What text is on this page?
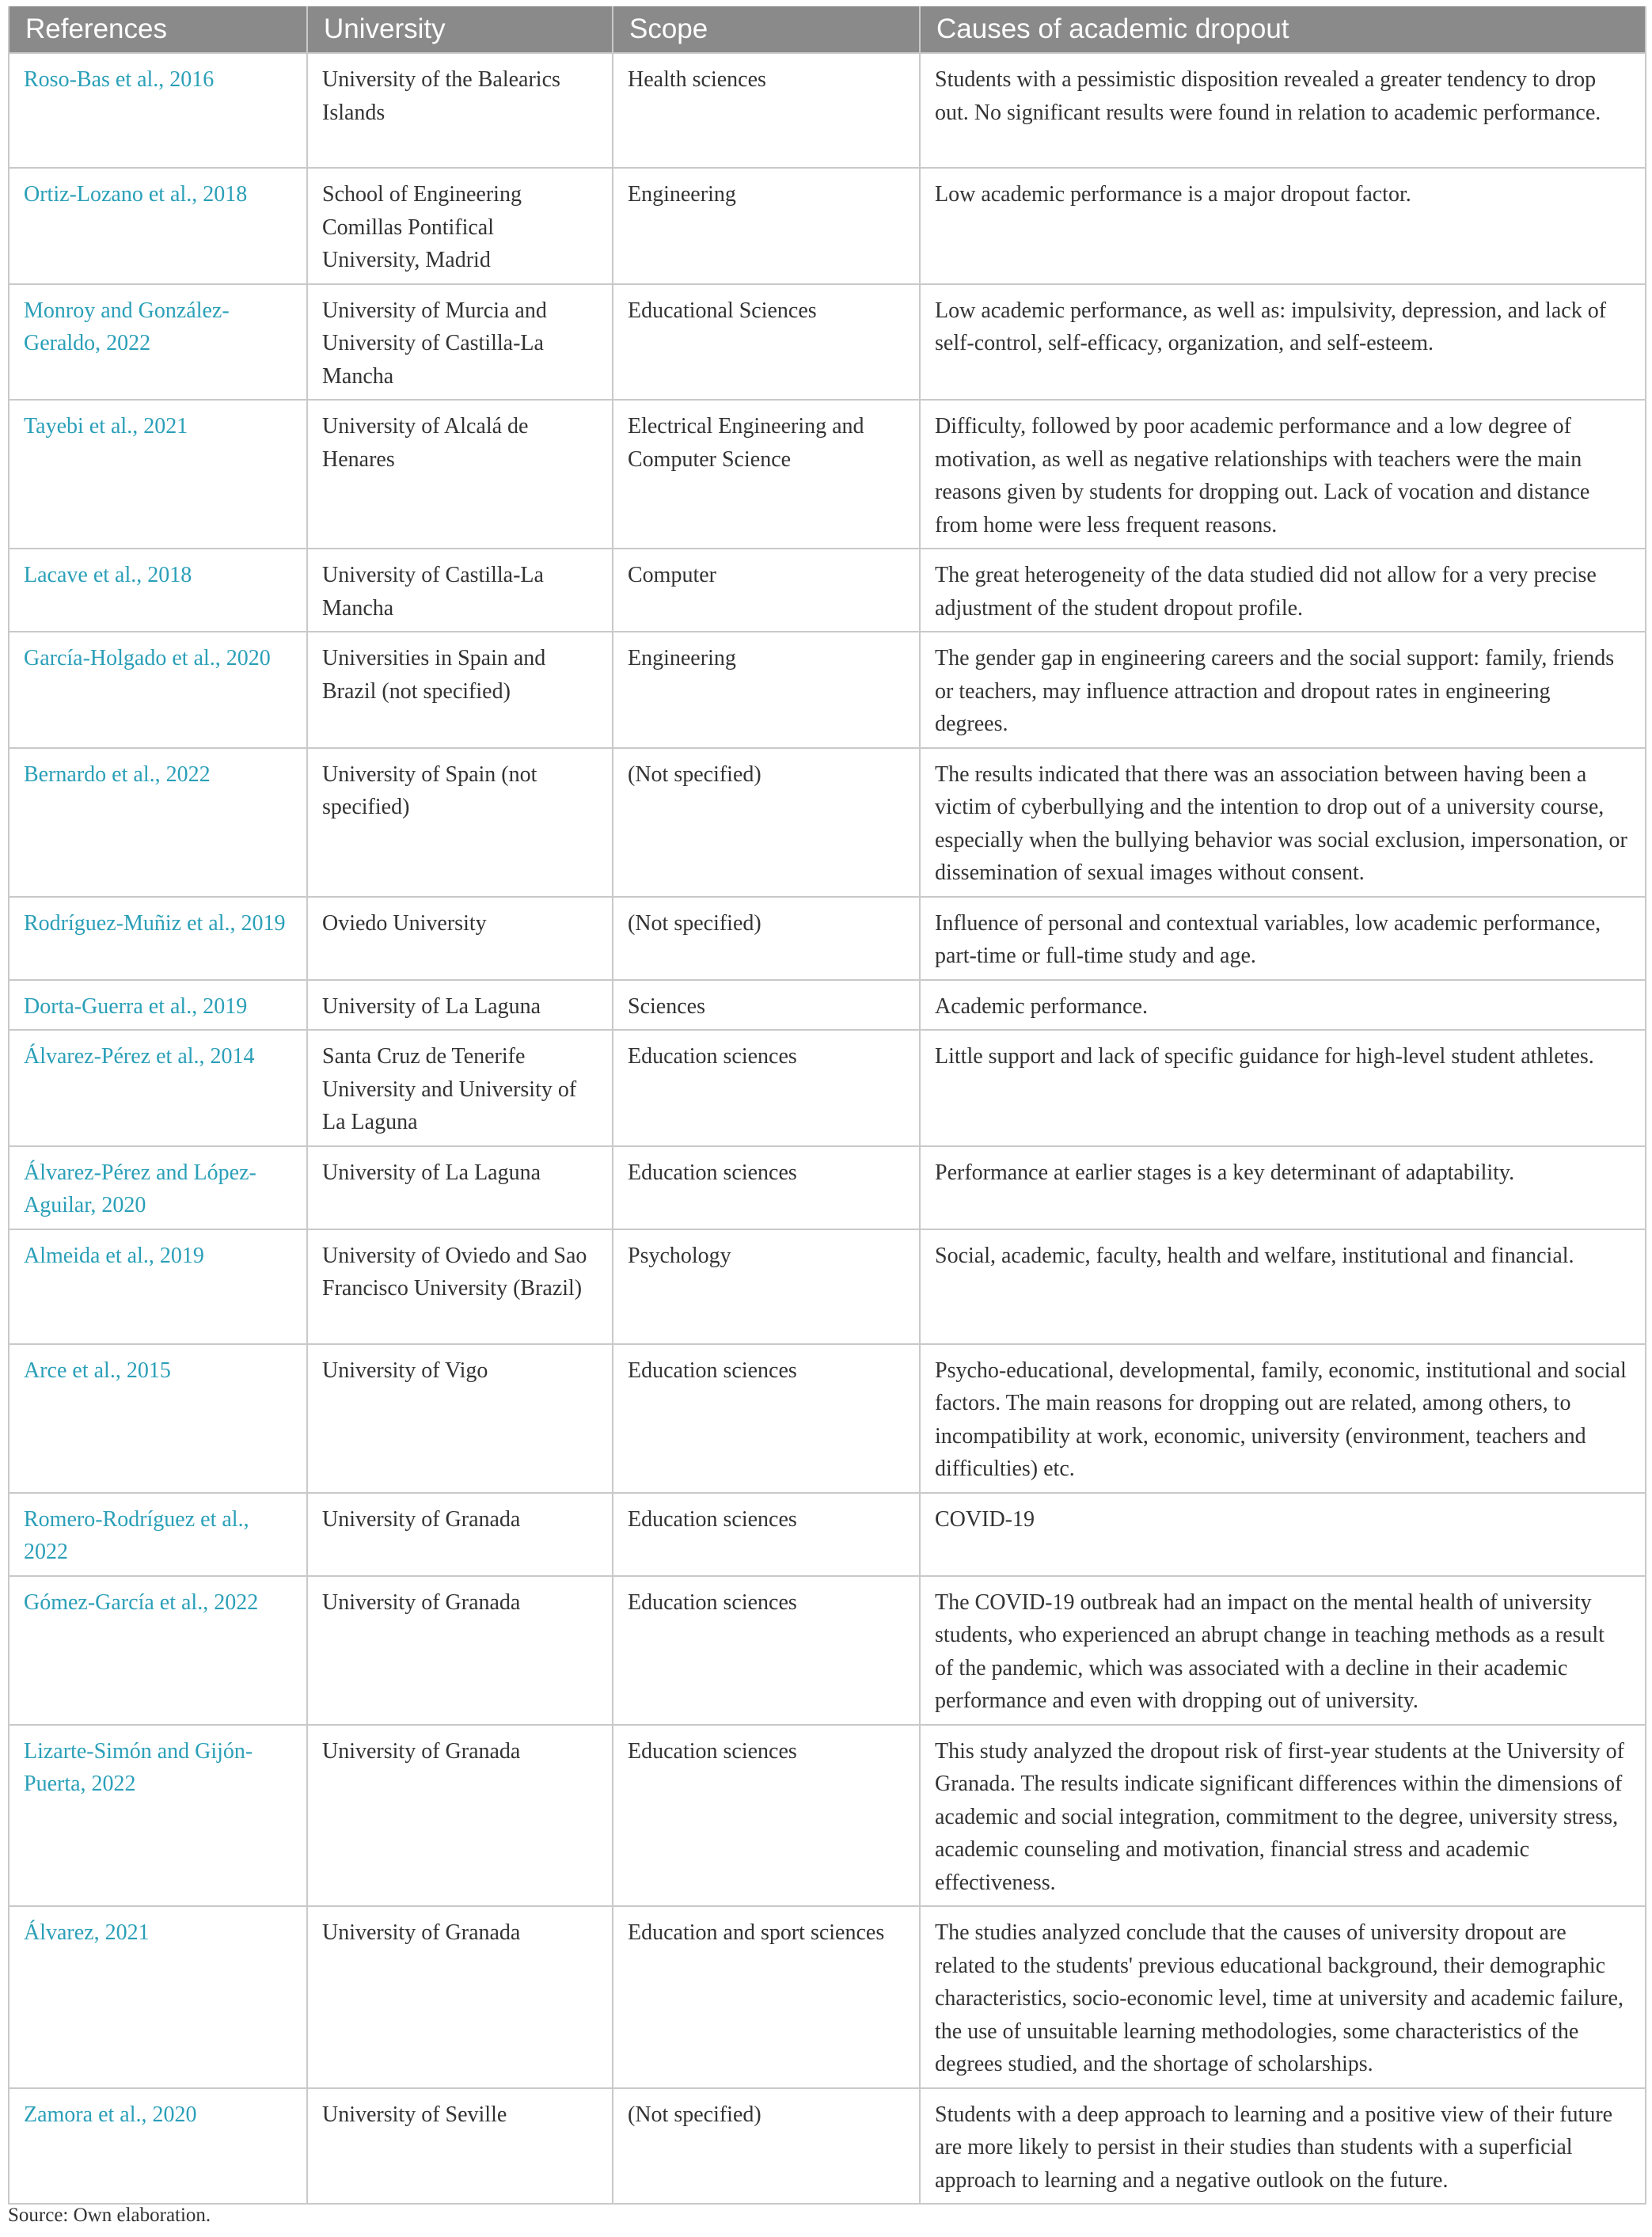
References	University	Scope	Causes of academic dropout
Roso-Bas et al., 2016	University of the Balearics Islands	Health sciences	Students with a pessimistic disposition revealed a greater tendency to drop out. No significant results were found in relation to academic performance.
Ortiz-Lozano et al., 2018	School of Engineering Comillas Pontifical University, Madrid	Engineering	Low academic performance is a major dropout factor.
Monroy and González-Geraldo, 2022	University of Murcia and University of Castilla-La Mancha	Educational Sciences	Low academic performance, as well as: impulsivity, depression, and lack of self-control, self-efficacy, organization, and self-esteem.
Tayebi et al., 2021	University of Alcalá de Henares	Electrical Engineering and Computer Science	Difficulty, followed by poor academic performance and a low degree of motivation, as well as negative relationships with teachers were the main reasons given by students for dropping out. Lack of vocation and distance from home were less frequent reasons.
Lacave et al., 2018	University of Castilla-La Mancha	Computer	The great heterogeneity of the data studied did not allow for a very precise adjustment of the student dropout profile.
García-Holgado et al., 2020	Universities in Spain and Brazil (not specified)	Engineering	The gender gap in engineering careers and the social support: family, friends or teachers, may influence attraction and dropout rates in engineering degrees.
Bernardo et al., 2022	University of Spain (not specified)	(Not specified)	The results indicated that there was an association between having been a victim of cyberbullying and the intention to drop out of a university course, especially when the bullying behavior was social exclusion, impersonation, or dissemination of sexual images without consent.
Rodríguez-Muñiz et al., 2019	Oviedo University	(Not specified)	Influence of personal and contextual variables, low academic performance, part-time or full-time study and age.
Dorta-Guerra et al., 2019	University of La Laguna	Sciences	Academic performance.
Álvarez-Pérez et al., 2014	Santa Cruz de Tenerife University and University of La Laguna	Education sciences	Little support and lack of specific guidance for high-level student athletes.
Álvarez-Pérez and López-Aguilar, 2020	University of La Laguna	Education sciences	Performance at earlier stages is a key determinant of adaptability.
Almeida et al., 2019	University of Oviedo and Sao Francisco University (Brazil)	Psychology	Social, academic, faculty, health and welfare, institutional and financial.
Arce et al., 2015	University of Vigo	Education sciences	Psycho-educational, developmental, family, economic, institutional and social factors. The main reasons for dropping out are related, among others, to incompatibility at work, economic, university (environment, teachers and difficulties) etc.
Romero-Rodríguez et al., 2022	University of Granada	Education sciences	COVID-19
Gómez-García et al., 2022	University of Granada	Education sciences	The COVID-19 outbreak had an impact on the mental health of university students, who experienced an abrupt change in teaching methods as a result of the pandemic, which was associated with a decline in their academic performance and even with dropping out of university.
Lizarte-Simón and Gijón-Puerta, 2022	University of Granada	Education sciences	This study analyzed the dropout risk of first-year students at the University of Granada. The results indicate significant differences within the dimensions of academic and social integration, commitment to the degree, university stress, academic counseling and motivation, financial stress and academic effectiveness.
Álvarez, 2021	University of Granada	Education and sport sciences	The studies analyzed conclude that the causes of university dropout are related to the students' previous educational background, their demographic characteristics, socio-economic level, time at university and academic failure, the use of unsuitable learning methodologies, some characteristics of the degrees studied, and the shortage of scholarships.
Zamora et al., 2020	University of Seville	(Not specified)	Students with a deep approach to learning and a positive view of their future are more likely to persist in their studies than students with a superficial approach to learning and a negative outlook on the future.
Source: Own elaboration.
